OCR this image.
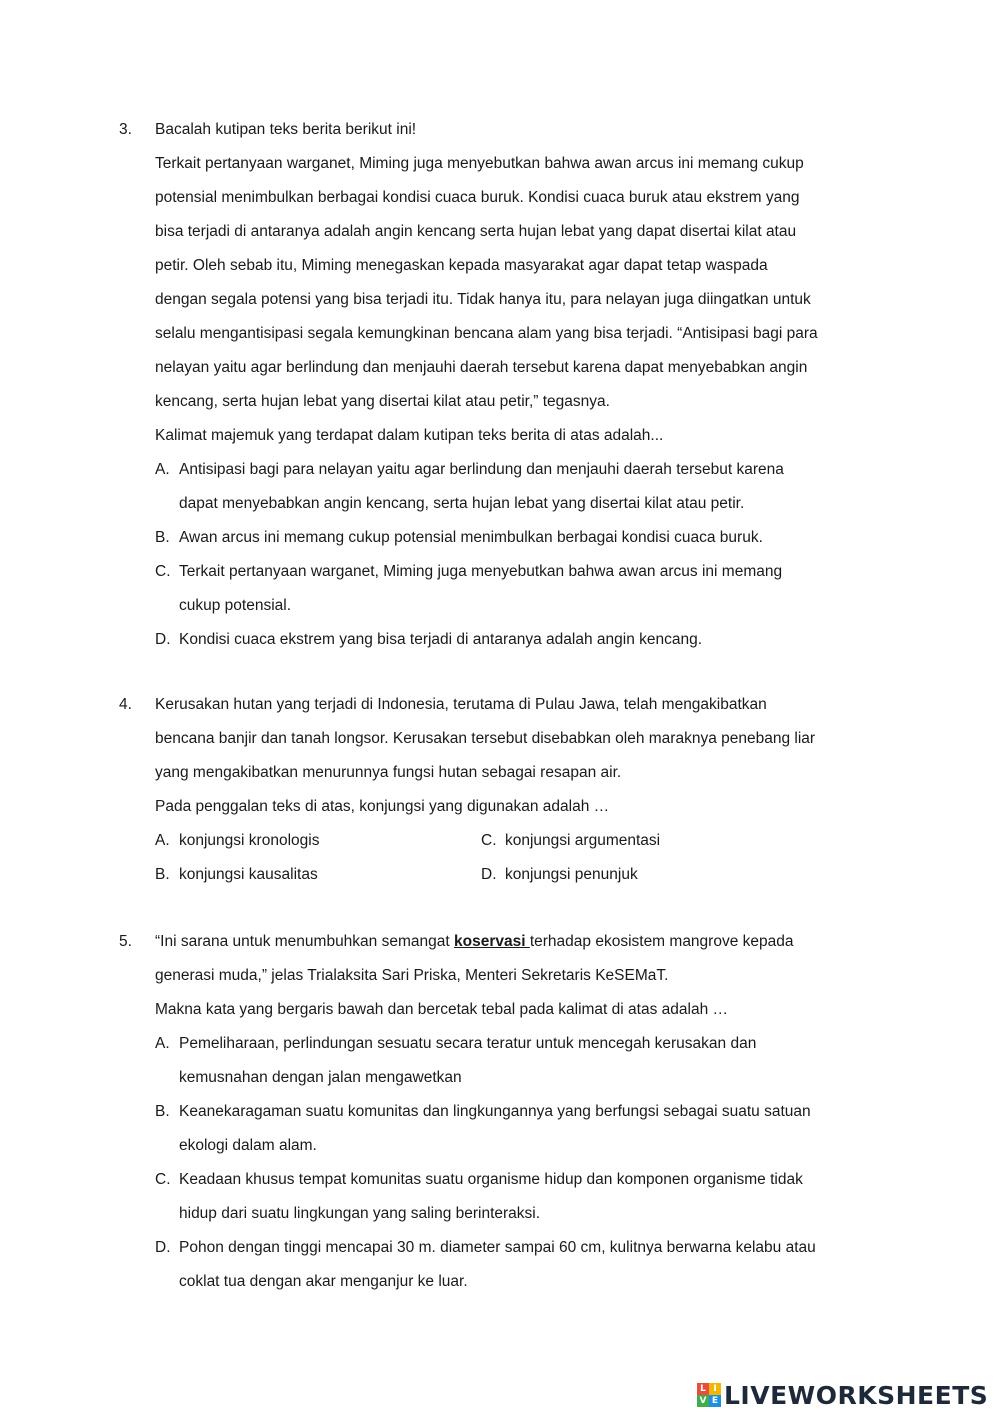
3. Bacalah kutipan teks berita berikut ini!
Terkait pertanyaan warganet, Miming juga menyebutkan bahwa awan arcus ini memang cukup
potensial menimbulkan berbagai kondisi cuaca buruk. Kondisi cuaca buruk atau ekstrem yang
bisa terjadi di antaranya adalah angin kencang serta hujan lebat yang dapat disertai kilat atau
petir. Oleh sebab itu, Miming menegaskan kepada masyarakat agar dapat tetap waspada
dengan segala potensi yang bisa terjadi itu. Tidak hanya itu, para nelayan juga diingatkan untuk
selalu mengantisipasi segala kemungkinan bencana alam yang bisa terjadi. “Antisipasi bagi para
nelayan yaitu agar berlindung dan menjauhi daerah tersebut karena dapat menyebabkan angin
kencang, serta hujan lebat yang disertai kilat atau petir,” tegasnya.
Kalimat majemuk yang terdapat dalam kutipan teks berita di atas adalah...
A. Antisipasi bagi para nelayan yaitu agar berlindung dan menjauhi daerah tersebut karena
dapat menyebabkan angin kencang, serta hujan lebat yang disertai kilat atau petir.
B. Awan arcus ini memang cukup potensial menimbulkan berbagai kondisi cuaca buruk.
C. Terkait pertanyaan warganet, Miming juga menyebutkan bahwa awan arcus ini memang
cukup potensial.
D. Kondisi cuaca ekstrem yang bisa terjadi di antaranya adalah angin kencang.
4. Kerusakan hutan yang terjadi di Indonesia, terutama di Pulau Jawa, telah mengakibatkan
bencana banjir dan tanah longsor. Kerusakan tersebut disebabkan oleh maraknya penebang liar
yang mengakibatkan menurunnya fungsi hutan sebagai resapan air.
Pada penggalan teks di atas, konjungsi yang digunakan adalah …
A. konjungsi kronologis	C. konjungsi argumentasi
B. konjungsi kausalitas	D. konjungsi penunjuk
5. “Ini sarana untuk menumbuhkan semangat koservasi terhadap ekosistem mangrove kepada
generasi muda,” jelas Trialaksita Sari Priska, Menteri Sekretaris KeSEMaT.
Makna kata yang bergaris bawah dan bercetak tebal pada kalimat di atas adalah …
A. Pemeliharaan, perlindungan sesuatu secara teratur untuk mencegah kerusakan dan
kemusnahan dengan jalan mengawetkan
B. Keanekaragaman suatu komunitas dan lingkungannya yang berfungsi sebagai suatu satuan
ekologi dalam alam.
C. Keadaan khusus tempat komunitas suatu organisme hidup dan komponen organisme tidak
hidup dari suatu lingkungan yang saling berinteraksi.
D. Pohon dengan tinggi mencapai 30 m. diameter sampai 60 cm, kulitnya berwarna kelabu atau
coklat tua dengan akar menganjur ke luar.
L I
V E LIVEWORKSHEETS
